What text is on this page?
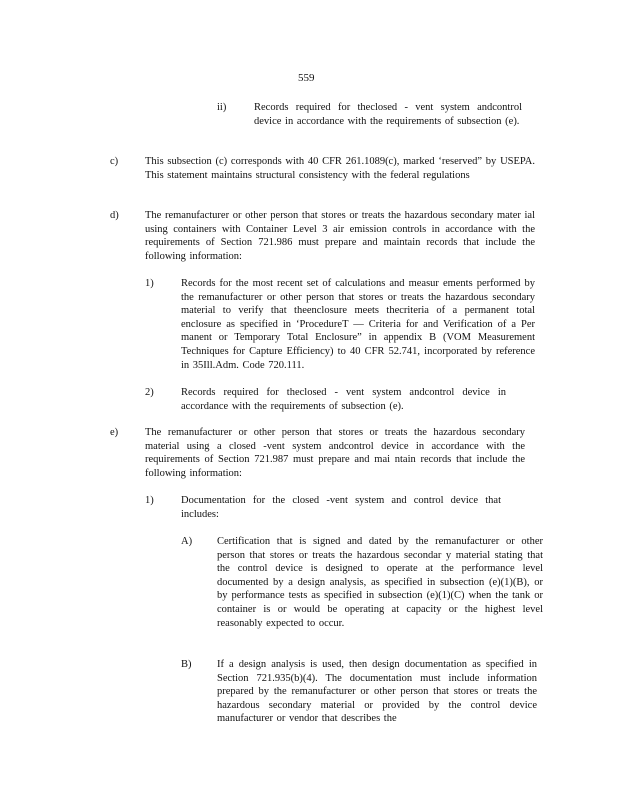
559
ii)	Records required for theclosed - vent system andcontrol device in accordance with the requirements of subsection (e).

c)	This subsection (c) corresponds with 40 CFR 261.1089(c), marked ‘reserved” by USEPA. This statement maintains structural consistency with the federal regulations

d)	The remanufacturer or other person that stores or treats the hazardous secondary mater ial using containers with Container Level 3 air emission controls in accordance with the requirements of Section 721.986 must prepare and maintain records that include the following information:

1)	Records for the most recent set of calculations and measur ements performed by the remanufacturer or other person that stores or treats the hazardous secondary material to verify that theenclosure meets thecriteria of a permanent total enclosure as specified in ‘ProcedureT — Criteria for and Verification of a Per manent or Temporary Total Enclosure” in appendix B (VOM Measurement Techniques for Capture Efficiency) to 40 CFR 52.741, incorporated by reference in 35Ill.Adm. Code 720.111.

2)	Records required for theclosed - vent system andcontrol device in accordance with the requirements of subsection (e).

e)	The remanufacturer or other person that stores or treats the hazardous secondary material using a closed -vent system andcontrol device in accordance with the requirements of Section 721.987 must prepare and mai ntain records that include the following information:

1)	Documentation for the closed -vent system and control device that includes:

A) Certification that is signed and dated by the remanufacturer or other person that stores or treats the hazardous secondar y material stating that the control device is designed to operate at the performance level documented by a design analysis, as specified in subsection (e)(1)(B), or by performance tests as specified in subsection (e)(1)(C) when the tank or container is or would be operating at capacity or the highest level reasonably expected to occur.

B) If a design analysis is used, then design documentation as specified in Section 721.935(b)(4). The documentation must include information prepared by the remanufacturer or other person that stores or treats the hazardous secondary material or provided by the control device manufacturer or vendor that describes the
